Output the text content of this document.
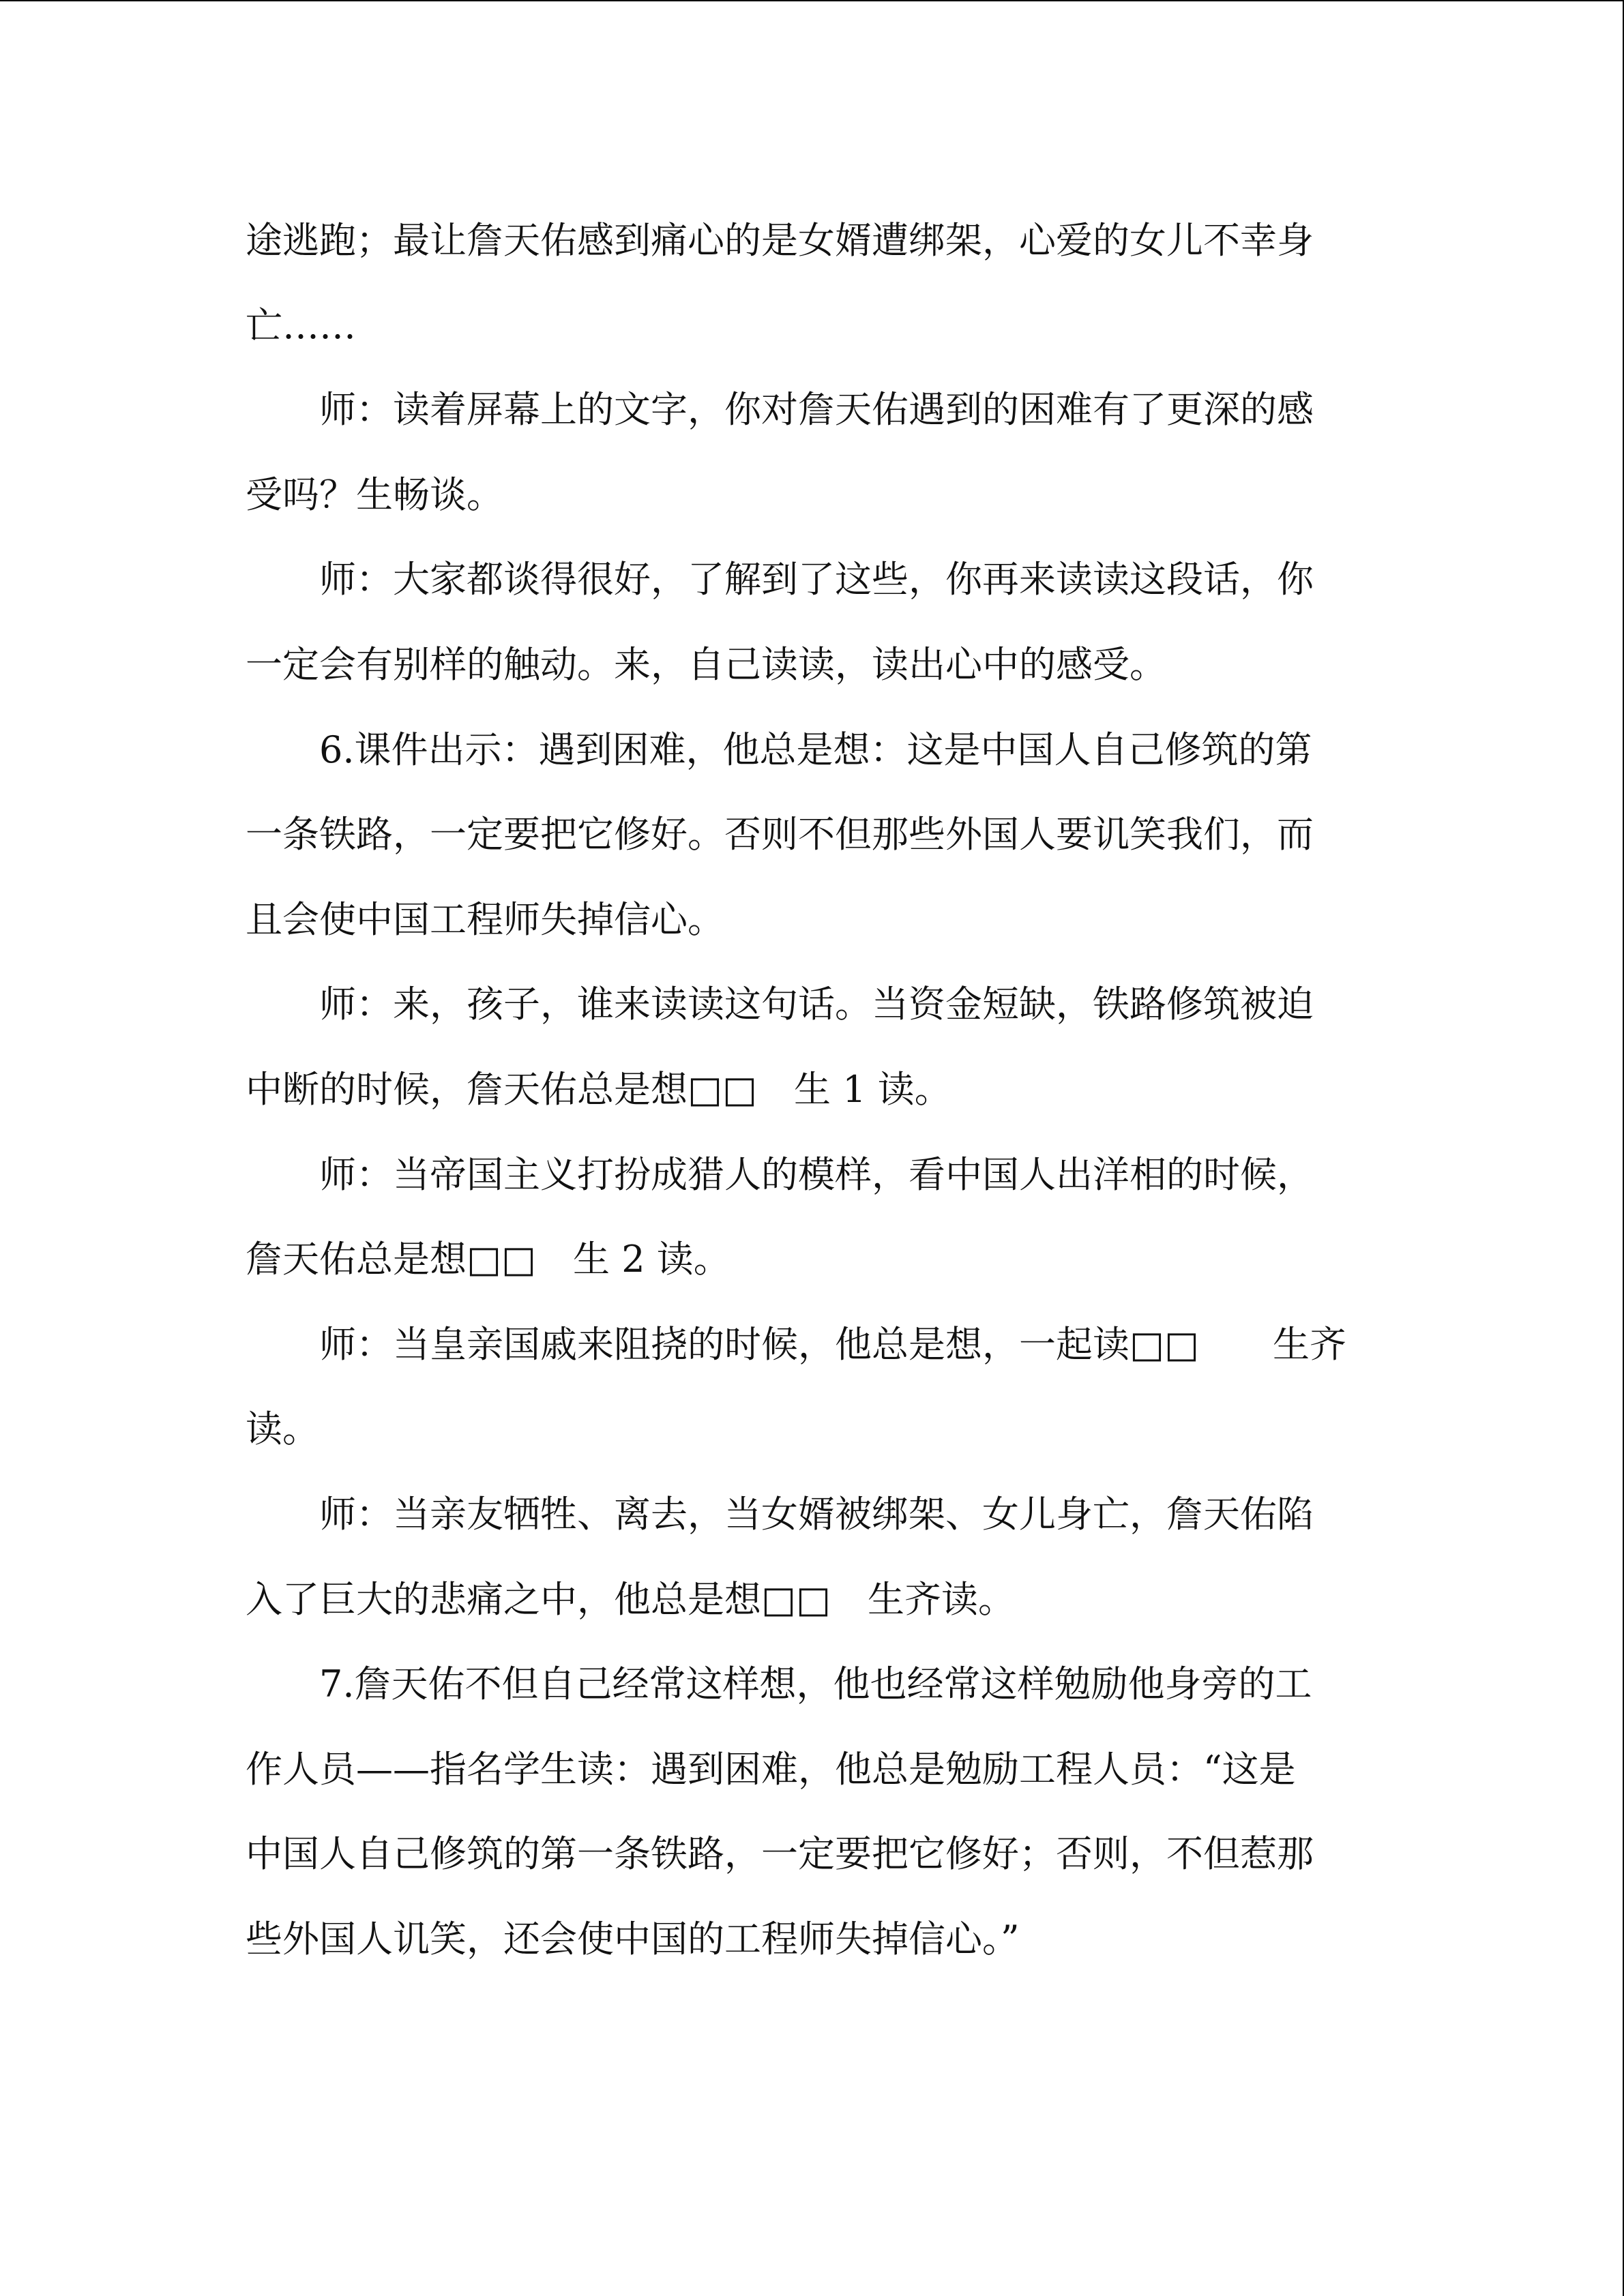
途逃跑；最让詹天佑感到痛心的是女婿遭绑架，心爱的女儿不幸身

亡……

师：读着屏幕上的文字，你对詹天佑遇到的困难有了更深的感

受吗？生畅谈。

师：大家都谈得很好，了解到了这些，你再来读读这段话，你

一定会有别样的触动。来，自己读读，读出心中的感受。

6.课件出示：遇到困难，他总是想：这是中国人自己修筑的第

一条铁路，一定要把它修好。否则不但那些外国人要讥笑我们，而

且会使中国工程师失掉信心。

师：来，孩子，谁来读读这句话。当资金短缺，铁路修筑被迫

中断的时候，詹天佑总是想□□　生 1 读。

师：当帝国主义打扮成猎人的模样，看中国人出洋相的时候，

詹天佑总是想□□　生 2 读。

师：当皇亲国戚来阻挠的时候，他总是想，一起读□□　　生齐

读。

师：当亲友牺牲、离去，当女婿被绑架、女儿身亡，詹天佑陷

入了巨大的悲痛之中，他总是想□□　生齐读。

7.詹天佑不但自己经常这样想，他也经常这样勉励他身旁的工

作人员——指名学生读：遇到困难，他总是勉励工程人员：“这是

中国人自己修筑的第一条铁路，一定要把它修好；否则，不但惹那

些外国人讥笑，还会使中国的工程师失掉信心。”
